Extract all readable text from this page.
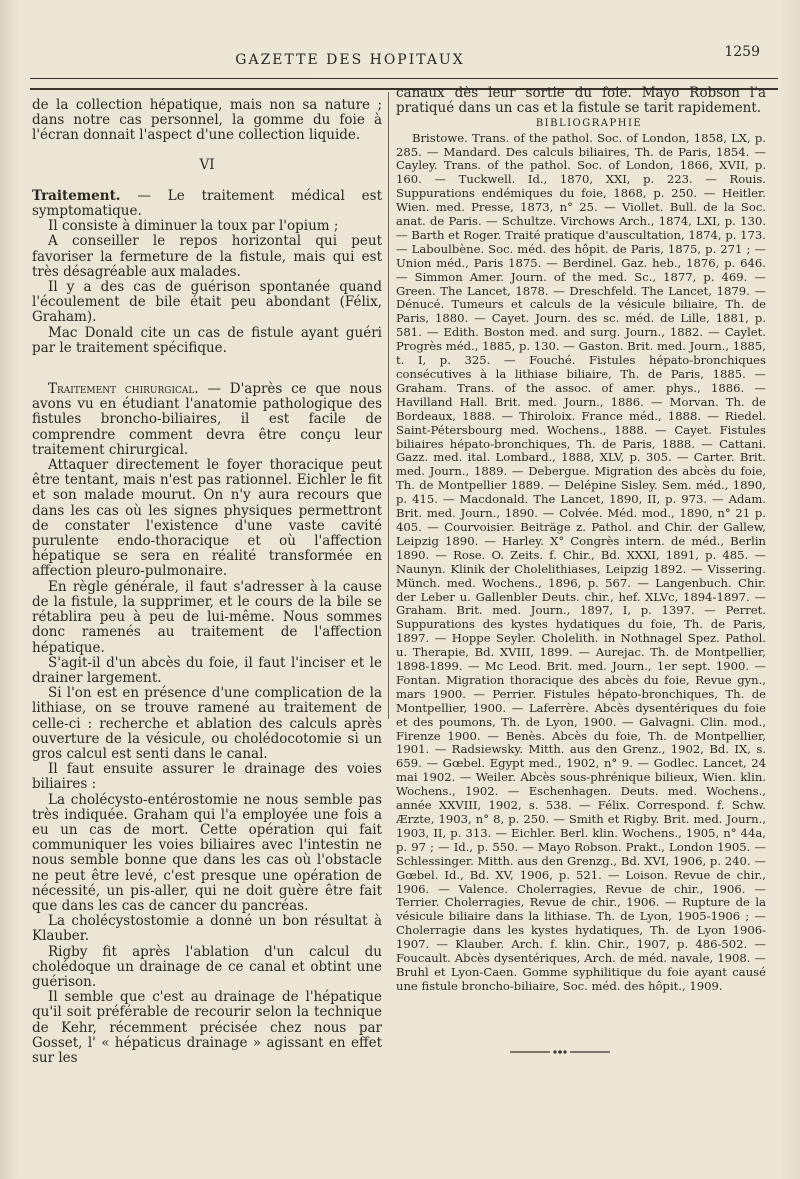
GAZETTE DES HOPITAUX	1259

de la collection hépatique, mais non sa nature ; dans notre cas personnel, la gomme du foie à l'écran donnait l'aspect d'une collection liquide.

VI

Traitement. — Le traitement médical est symptomatique.

Il consiste à diminuer la toux par l'opium ;

A conseiller le repos horizontal qui peut favoriser la fermeture de la fistule, mais qui est très désagréable aux malades.

Il y a des cas de guérison spontanée quand l'écoulement de bile était peu abondant (Félix, Graham).

Mac Donald cite un cas de fistule ayant guéri par le traitement spécifique.

Traitement chirurgical. — D'après ce que nous avons vu en étudiant l'anatomie pathologique des fistules broncho-biliaires, il est facile de comprendre comment devra être conçu leur traitement chirurgical.

Attaquer directement le foyer thoracique peut être tentant, mais n'est pas rationnel. Eichler le fit et son malade mourut. On n'y aura recours que dans les cas où les signes physiques permettront de constater l'existence d'une vaste cavité purulente endo-thoracique et où l'affection hépatique se sera en réalité transformée en affection pleuro-pulmonaire.

En règle générale, il faut s'adresser à la cause de la fistule, la supprimer, et le cours de la bile se rétablira peu à peu de lui-même. Nous sommes donc ramenés au traitement de l'affection hépatique.

S'agit-il d'un abcès du foie, il faut l'inciser et le drainer largement.

Si l'on est en présence d'une complication de la lithiase, on se trouve ramené au traitement de celle-ci : recherche et ablation des calculs après ouverture de la vésicule, ou cholédocotomie si un gros calcul est senti dans le canal.

Il faut ensuite assurer le drainage des voies biliaires :

La cholécysto-entérostomie ne nous semble pas très indiquée. Graham qui l'a employée une fois a eu un cas de mort. Cette opération qui fait communiquer les voies biliaires avec l'intestin ne nous semble bonne que dans les cas où l'obstacle ne peut être levé, c'est presque une opération de nécessité, un pis-aller, qui ne doit guère être fait que dans les cas de cancer du pancréas.

La cholécystostomie a donné un bon résultat à Klauber.

Rigby fit après l'ablation d'un calcul du cholédoque un drainage de ce canal et obtint une guérison.

Il semble que c'est au drainage de l'hépatique qu'il soit préférable de recourir selon la technique de Kehr, récemment précisée chez nous par Gosset, l' « hépaticus drainage » agissant en effet sur les

canaux dès leur sortie du foie. Mayo Robson l'a pratiqué dans un cas et la fistule se tarit rapidement.

BIBLIOGRAPHIE

Bristowe. Trans. of the pathol. Soc. of London, 1858, LX, p. 285. — Mandard. Des calculs biliaires, Th. de Paris, 1854. — Cayley. Trans. of the pathol. Soc. of London, 1866, XVII, p. 160. — Tuckwell. Id., 1870, XXI, p. 223. — Rouis. Suppurations endémiques du foie, 1868, p. 250. — Heitler. Wien. med. Presse, 1873, n° 25. — Viollet. Bull. de la Soc. anat. de Paris. — Schultze. Virchows Arch., 1874, LXI, p. 130. — Barth et Roger. Traité pratique d'auscultation, 1874, p. 173. — Laboulbène. Soc. méd. des hôpit. de Paris, 1875, p. 271 ; — Union méd., Paris 1875. — Berdinel. Gaz. heb., 1876, p. 646. — Simmon Amer. Journ. of the med. Sc., 1877, p. 469. — Green. The Lancet, 1878. — Dreschfeld. The Lancet, 1879. — Dénucé. Tumeurs et calculs de la vésicule biliaire, Th. de Paris, 1880. — Cayet. Journ. des sc. méd. de Lille, 1881, p. 581. — Edith. Boston med. and surg. Journ., 1882. — Caylet. Progrès méd., 1885, p. 130. — Gaston. Brit. med. Journ., 1885, t. I, p. 325. — Fouché. Fistules hépato-bronchiques consécutives à la lithiase biliaire, Th. de Paris, 1885. — Graham. Trans. of the assoc. of amer. phys., 1886. — Havilland Hall. Brit. med. Journ., 1886. — Morvan. Th. de Bordeaux, 1888. — Thiroloix. France méd., 1888. — Riedel. Saint-Pétersbourg med. Wochens., 1888. — Cayet. Fistules biliaires hépato-bronchiques, Th. de Paris, 1888. — Cattani. Gazz. med. ital. Lombard., 1888, XLV, p. 305. — Carter. Brit. med. Journ., 1889. — Debergue. Migration des abcès du foie, Th. de Montpellier 1889. — Delépine Sisley. Sem. méd., 1890, p. 415. — Macdonald. The Lancet, 1890, II, p. 973. — Adam. Brit. med. Journ., 1890. — Colvée. Méd. mod., 1890, n° 21 p. 405. — Courvoisier. Beiträge z. Pathol. and Chir. der Gallew, Leipzig 1890. — Harley. X° Congrès intern. de méd., Berlin 1890. — Rose. O. Zeits. f. Chir., Bd. XXXI, 1891, p. 485. — Naunyn. Klinik der Cholelithiases, Leipzig 1892. — Vissering. Münch. med. Wochens., 1896, p. 567. — Langenbuch. Chir. der Leber u. Gallenbler Deuts. chir., hef. XLVc, 1894-1897. — Graham. Brit. med. Journ., 1897, I, p. 1397. — Perret. Suppurations des kystes hydatiques du foie, Th. de Paris, 1897. — Hoppe Seyler. Cholelith. in Nothnagel Spez. Pathol. u. Therapie, Bd. XVIII, 1899. — Aurejac. Th. de Montpellier, 1898-1899. — Mc Leod. Brit. med. Journ., 1er sept. 1900. — Fontan. Migration thoracique des abcès du foie, Revue gyn., mars 1900. — Perrier. Fistules hépato-bronchiques, Th. de Montpellier, 1900. — Laferrère. Abcès dysentériques du foie et des poumons, Th. de Lyon, 1900. — Galvagni. Clin. mod., Firenze 1900. — Benès. Abcès du foie, Th. de Montpellier, 1901. — Radsiewsky. Mitth. aus den Grenz., 1902, Bd. IX, s. 659. — Gœbel. Egypt med., 1902, n° 9. — Godlec. Lancet, 24 mai 1902. — Weiler. Abcès sous-phrénique bilieux, Wien. klin. Wochens., 1902. — Eschenhagen. Deuts. med. Wochens., année XXVIII, 1902, s. 538. — Félix. Correspond. f. Schw. Ærzte, 1903, n° 8, p. 250. — Smith et Rigby. Brit. med. Journ., 1903, II, p. 313. — Eichler. Berl. klin. Wochens., 1905, n° 44a, p. 97 ; — Id., p. 550. — Mayo Robson. Prakt., London 1905. — Schlessinger. Mitth. aus den Grenzg., Bd. XVI, 1906, p. 240. — Gœbel. Id., Bd. XV, 1906, p. 521. — Loison. Revue de chir., 1906. — Valence. Cholerragies, Revue de chir., 1906. — Terrier. Cholerragies, Revue de chir., 1906. — Rupture de la vésicule biliaire dans la lithiase. Th. de Lyon, 1905-1906 ; — Cholerragie dans les kystes hydatiques, Th. de Lyon 1906-1907. — Klauber. Arch. f. klin. Chir., 1907, p. 486-502. — Foucault. Abcès dysentériques, Arch. de méd. navale, 1908. — Bruhl et Lyon-Caen. Gomme syphilitique du foie ayant causé une fistule broncho-biliaire, Soc. méd. des hôpit., 1909.
